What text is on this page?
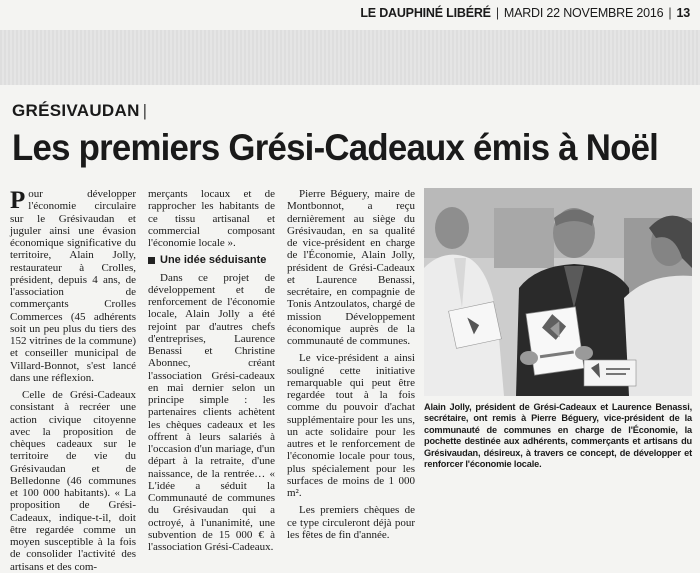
LE DAUPHINÉ LIBÉRÉ | MARDI 22 NOVEMBRE 2016 | 13
GRÉSIVAUDAN |
Les premiers Grési-Cadeaux émis à Noël

Pour développer l'économie circulaire sur le Grésivaudan et juguler ainsi une évasion économique significative du territoire, Alain Jolly, restaurateur à Crolles, président, depuis 4 ans, de l'association de commerçants Crolles Commerces (45 adhérents soit un peu plus du tiers des 152 vitrines de la commune) et conseiller municipal de Villard-Bonnot, s'est lancé dans une réflexion.

Celle de Grési-Cadeaux consistant à recréer une action civique citoyenne avec la proposition de chèques cadeaux sur le territoire de vie du Grésivaudan et de Belledonne (46 communes et 100 000 habitants). « La proposition de Grési-Cadeaux, indique-t-il, doit être regardée comme un moyen susceptible à la fois de consolider l'activité des artisans et des com-

merçants locaux et de rapprocher les habitants de ce tissu artisanal et commercial composant l'économie locale ».

Une idée séduisante

Dans ce projet de développement et de renforcement de l'économie locale, Alain Jolly a été rejoint par d'autres chefs d'entreprises, Laurence Benassi et Christine Abonnec, créant l'association Grési-cadeaux en mai dernier selon un principe simple : les partenaires clients achètent les chèques cadeaux et les offrent à leurs salariés à l'occasion d'un mariage, d'un départ à la retraite, d'une naissance, de la rentrée… « L'idée a séduit la Communauté de communes du Grésivaudan qui a octroyé, à l'unanimité, une subvention de 15 000 € à l'association Grési-Cadeaux.

Pierre Béguery, maire de Montbonnot, a reçu dernièrement au siège du Grésivaudan, en sa qualité de vice-président en charge de l'Économie, Alain Jolly, président de Grési-Cadeaux et Laurence Benassi, secrétaire, en compagnie de Tonis Antzoulatos, chargé de mission Développement économique auprès de la communauté de communes.

Le vice-président a ainsi souligné cette initiative remarquable qui peut être regardée tout à la fois comme du pouvoir d'achat supplémentaire pour les uns, un acte solidaire pour les autres et le renforcement de l'économie locale pour tous, plus spécialement pour les surfaces de moins de 1 000 m².

Les premiers chèques de ce type circuleront déjà pour les fêtes de fin d'année.

Alain Jolly, président de Grési-Cadeaux et Laurence Benassi, secrétaire, ont remis à Pierre Béguery, vice-président de la communauté de communes en charge de l'Économie, la pochette destinée aux adhérents, commerçants et artisans du Grésivaudan, désireux, à travers ce concept, de développer et renforcer l'économie locale.
